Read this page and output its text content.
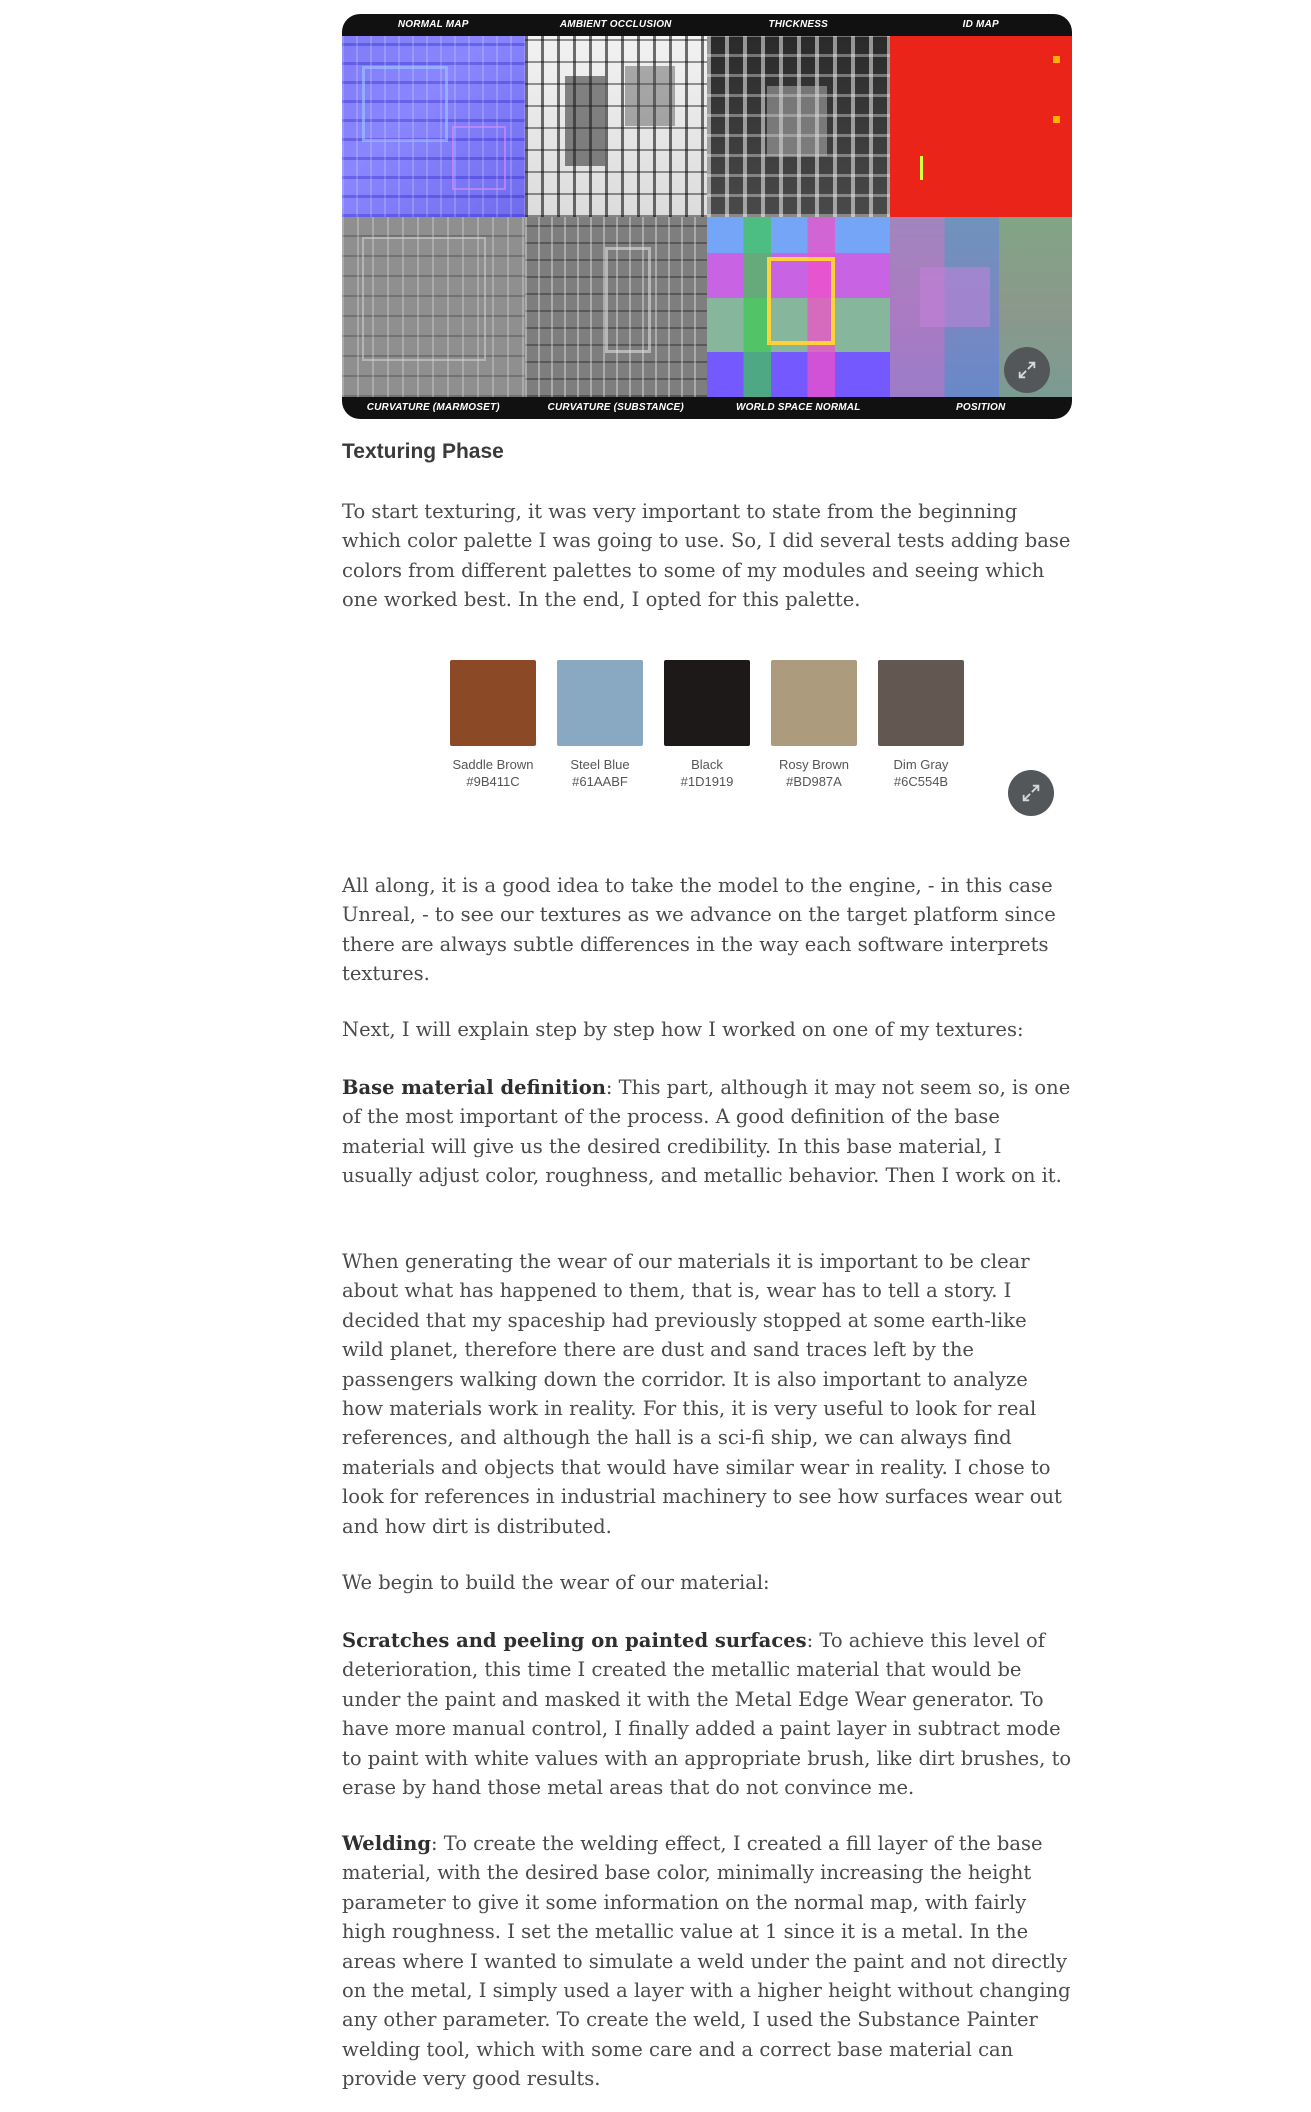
NORMAL MAP	AMBIENT OCCLUSION	THICKNESS	ID MAP
CURVATURE (MARMOSET)	CURVATURE (SUBSTANCE)	WORLD SPACE NORMAL	POSITION
Texturing Phase

To start texturing, it was very important to state from the beginning which color palette I was going to use. So, I did several tests adding base colors from different palettes to some of my modules and seeing which one worked best. In the end, I opted for this palette.

Saddle Brown
#9B411C
Steel Blue
#61AABF
Black
#1D1919
Rosy Brown
#BD987A
Dim Gray
#6C554B

All along, it is a good idea to take the model to the engine, - in this case Unreal, - to see our textures as we advance on the target platform since there are always subtle differences in the way each software interprets textures.

Next, I will explain step by step how I worked on one of my textures:

Base material definition: This part, although it may not seem so, is one of the most important of the process. A good definition of the base material will give us the desired credibility. In this base material, I usually adjust color, roughness, and metallic behavior. Then I work on it.

When generating the wear of our materials it is important to be clear about what has happened to them, that is, wear has to tell a story. I decided that my spaceship had previously stopped at some earth-like wild planet, therefore there are dust and sand traces left by the passengers walking down the corridor. It is also important to analyze how materials work in reality. For this, it is very useful to look for real references, and although the hall is a sci-fi ship, we can always find materials and objects that would have similar wear in reality. I chose to look for references in industrial machinery to see how surfaces wear out and how dirt is distributed.

We begin to build the wear of our material:

Scratches and peeling on painted surfaces: To achieve this level of deterioration, this time I created the metallic material that would be under the paint and masked it with the Metal Edge Wear generator. To have more manual control, I finally added a paint layer in subtract mode to paint with white values with an appropriate brush, like dirt brushes, to erase by hand those metal areas that do not convince me.

Welding: To create the welding effect, I created a fill layer of the base material, with the desired base color, minimally increasing the height parameter to give it some information on the normal map, with fairly high roughness. I set the metallic value at 1 since it is a metal. In the areas where I wanted to simulate a weld under the paint and not directly on the metal, I simply used a layer with a higher height without changing any other parameter. To create the weld, I used the Substance Painter welding tool, which with some care and a correct base material can provide very good results.
